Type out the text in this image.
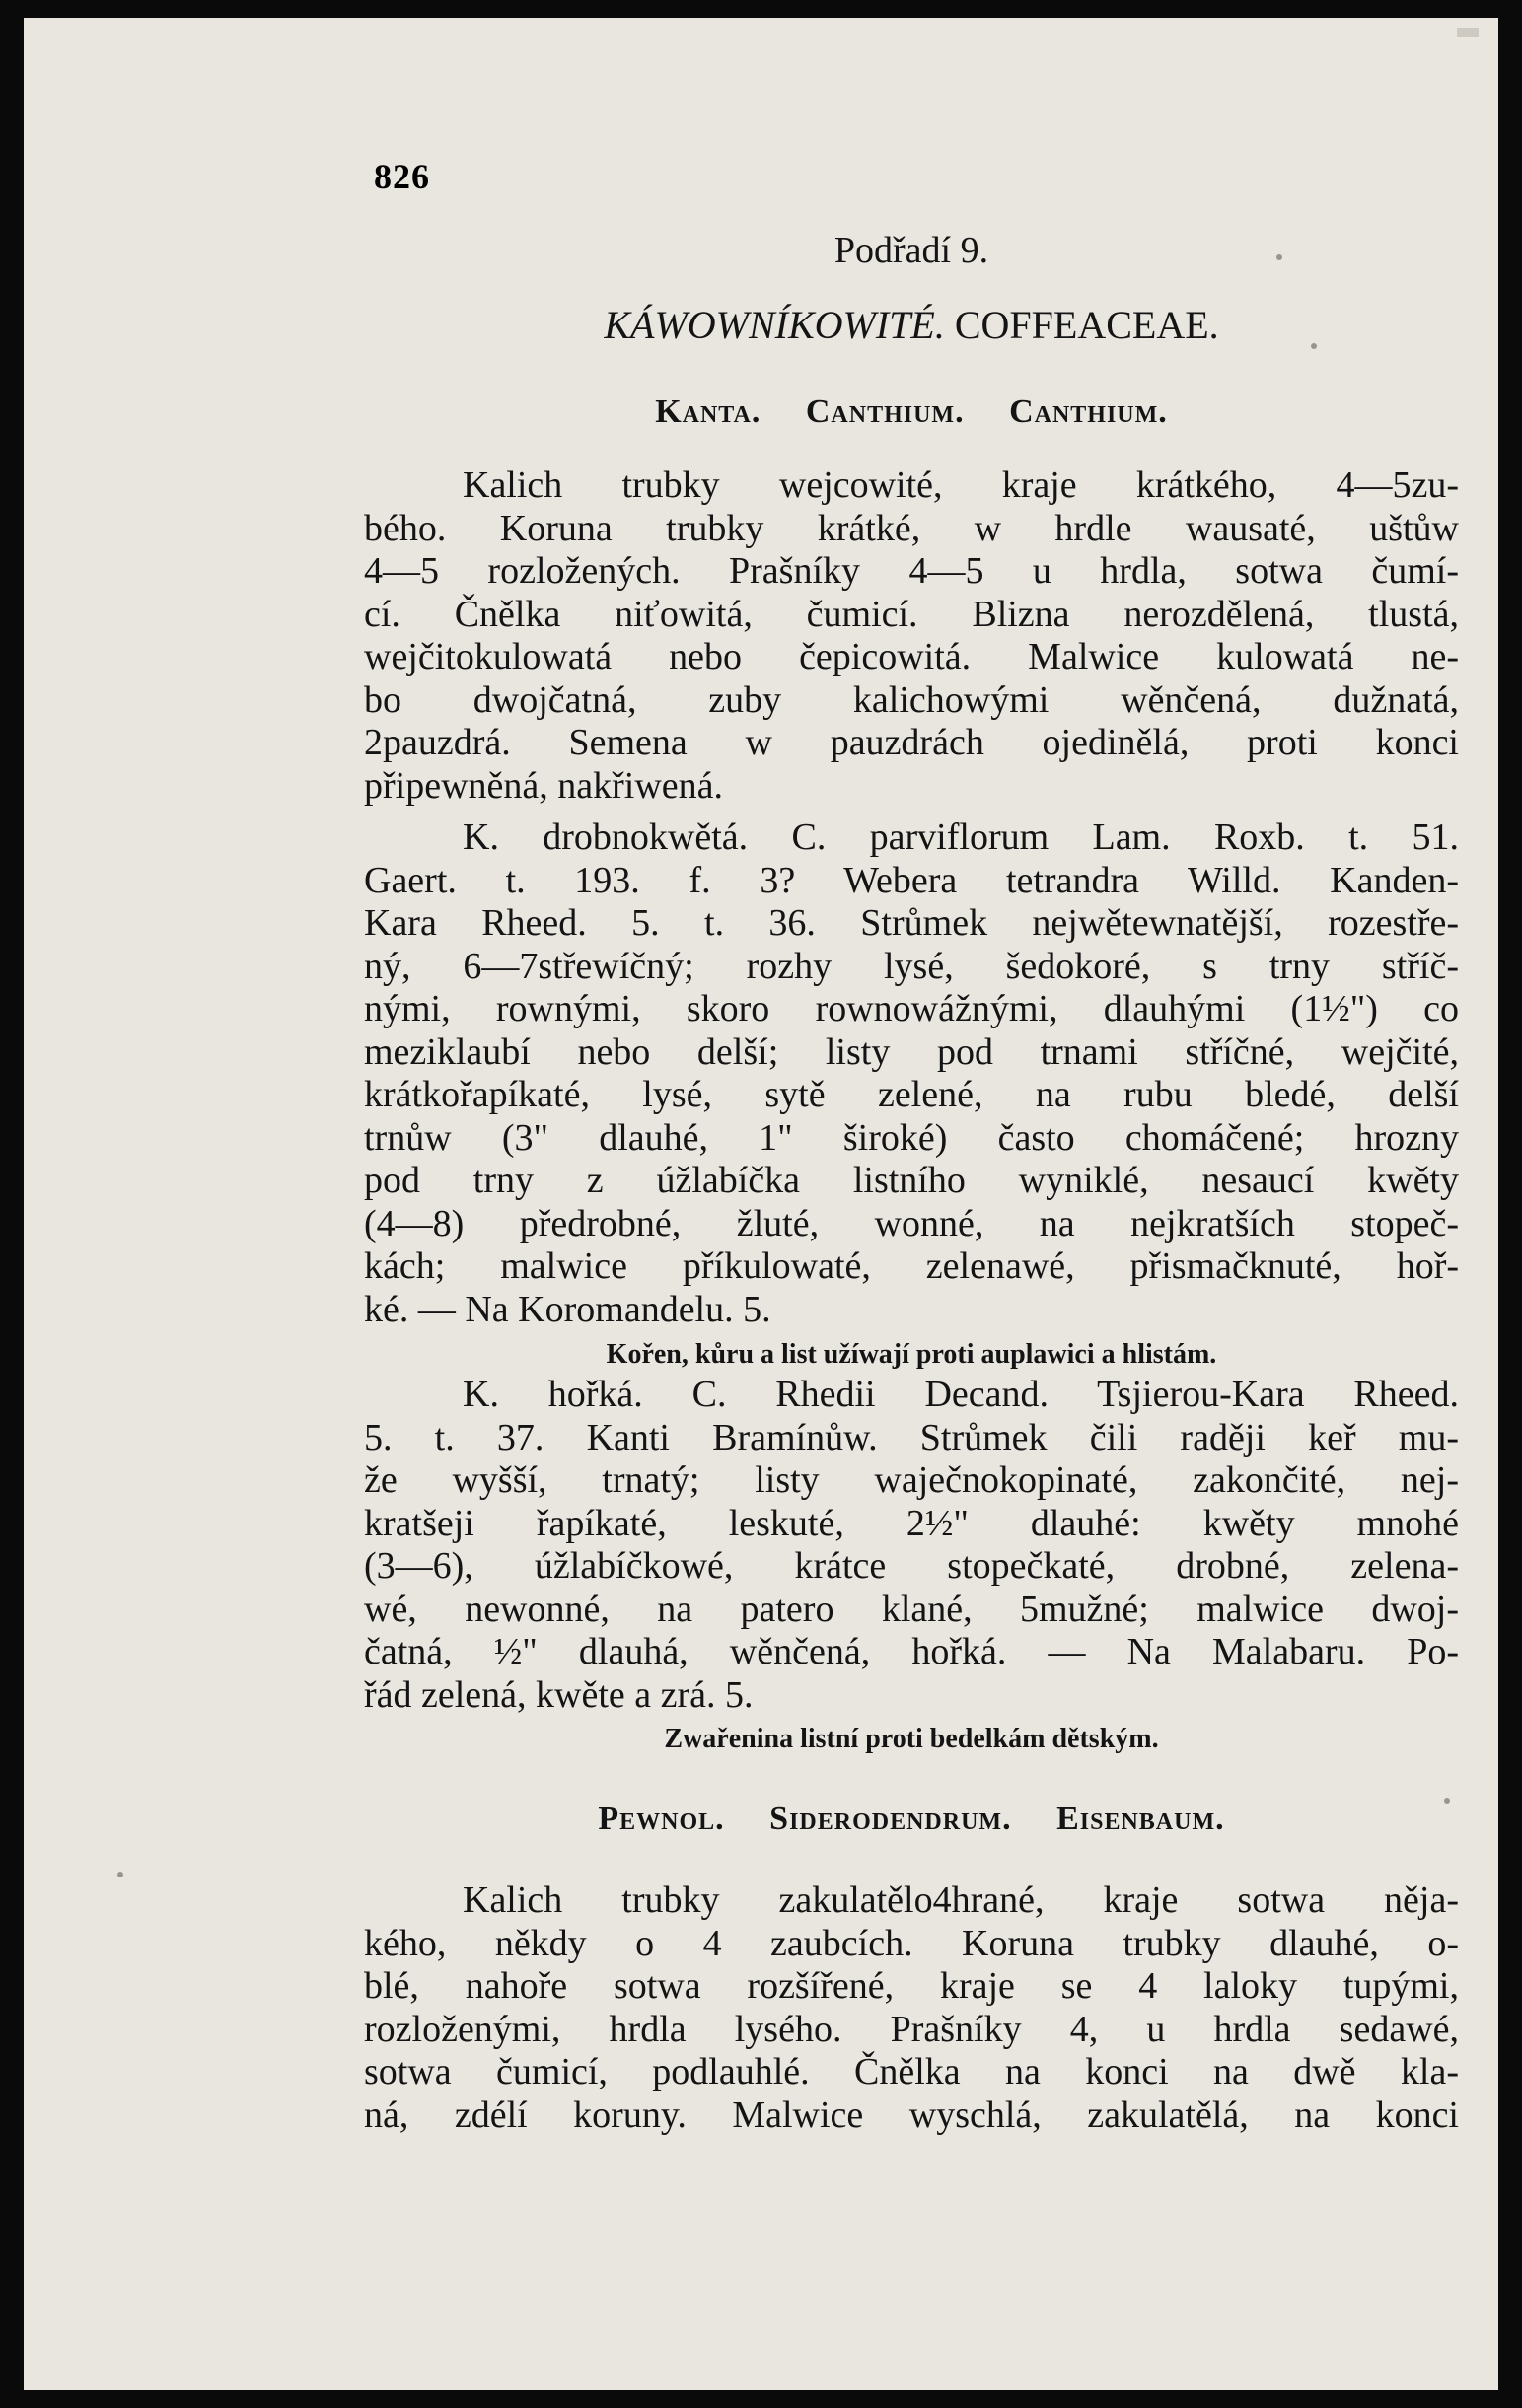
826
Podřadí 9.
KÁWOWNÍKOWITÉ. COFFEACEAE.
Kanta. Canthium. Canthium.
Kalich trubky wejcowité, kraje krátkého, 4—5zu-
bého. Koruna trubky krátké, w hrdle wausaté, uštůw
4—5 rozložených. Prašníky 4—5 u hrdla, sotwa čumí-
cí. Čnělka niťowitá, čumicí. Blizna nerozdělená, tlustá,
wejčitokulowatá nebo čepicowitá. Malwice kulowatá ne-
bo dwojčatná, zuby kalichowými wěnčená, dužnatá,
2pauzdrá. Semena w pauzdrách ojedinělá, proti konci
připewněná, nakřiwená.
K. drobnokwětá. C. parviflorum Lam. Roxb. t. 51.
Gaert. t. 193. f. 3? Webera tetrandra Willd. Kanden-
Kara Rheed. 5. t. 36. Strůmek nejwětewnatější, rozestře-
ný, 6—7střewíčný; rozhy lysé, šedokoré, s trny stříč-
nými, rownými, skoro rownowážnými, dlauhými (1½") co
meziklaubí nebo delší; listy pod trnami stříčné, wejčité,
krátkořapíkaté, lysé, sytě zelené, na rubu bledé, delší
trnůw (3" dlauhé, 1" široké) často chomáčené; hrozny
pod trny z úžlabíčka listního wyniklé, nesaucí kwěty
(4—8) předrobné, žluté, wonné, na nejkratších stopeč-
kách; malwice příkulowaté, zelenawé, přismačknuté, hoř-
ké. — Na Koromandelu. 5.
Kořen, kůru a list užíwají proti auplawici a hlistám.
K. hořká. C. Rhedii Decand. Tsjierou-Kara Rheed.
5. t. 37. Kanti Bramínůw. Strůmek čili raději keř mu-
že wyšší, trnatý; listy waječnokopinaté, zakončité, nej-
kratšeji řapíkaté, leskuté, 2½" dlauhé: kwěty mnohé
(3—6), úžlabíčkowé, krátce stopečkaté, drobné, zelena-
wé, newonné, na patero klané, 5mužné; malwice dwoj-
čatná, ½" dlauhá, wěnčená, hořká. — Na Malabaru. Po-
řád zelená, kwěte a zrá. 5.
Zwařenina listní proti bedelkám dětským.
Pewnol. Siderodendrum. Eisenbaum.
Kalich trubky zakulatělo4hrané, kraje sotwa něja-
kého, někdy o 4 zaubcích. Koruna trubky dlauhé, o-
blé, nahoře sotwa rozšířené, kraje se 4 laloky tupými,
rozloženými, hrdla lysého. Prašníky 4, u hrdla sedawé,
sotwa čumicí, podlauhlé. Čnělka na konci na dwě kla-
ná, zdélí koruny. Malwice wyschlá, zakulatělá, na konci
